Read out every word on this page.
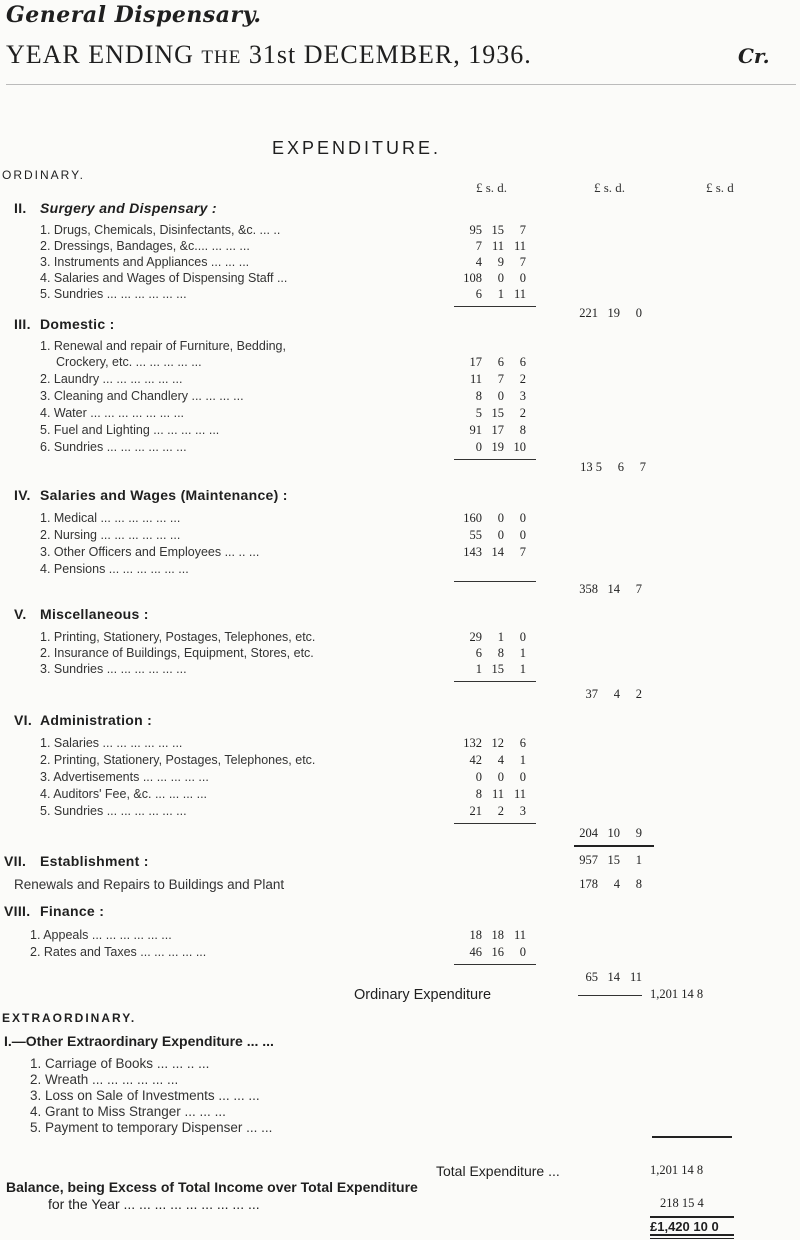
General Dispensary.
YEAR ENDING THE 31st DECEMBER, 1936.	Cr.
EXPENDITURE.
ORDINARY.
£ s. d.	£ s. d.	£ s. d
II. Surgery and Dispensary :
1. Drugs, Chemicals, Disinfectants, &c. ... ..	95 15 7
2. Dressings, Bandages, &c.... ... ... ...	7 11 11
3. Instruments and Appliances ... ... ...	4 9 7
4. Salaries and Wages of Dispensing Staff ...	108 0 0
5. Sundries ... ... ... ... ... ...	6 1 11
221 19 0
III. Domestic :
1. Renewal and repair of Furniture, Bedding,
Crockery, etc. ... ... ... ... ...	17 6 6
2. Laundry ... ... ... ... ... ...	11 7 2
3. Cleaning and Chandlery ... ... ... ...	8 0 3
4. Water ... ... ... ... ... ... ...	5 15 2
5. Fuel and Lighting ... ... ... ... ...	91 17 8
6. Sundries ... ... ... ... ... ...	0 19 10
13 5 6 7
IV. Salaries and Wages (Maintenance) :
1. Medical ... ... ... ... ... ...	160 0 0
2. Nursing ... ... ... ... ... ...	55 0 0
3. Other Officers and Employees ... .. ...	143 14 7
4. Pensions ... ... ... ... ... ...
358 14 7
V. Miscellaneous :
1. Printing, Stationery, Postages, Telephones, etc.	29 1 0
2. Insurance of Buildings, Equipment, Stores, etc.	6 8 1
3. Sundries ... ... ... ... ... ...	1 15 1
37 4 2
VI. Administration :
1. Salaries ... ... ... ... ... ...	132 12 6
2. Printing, Stationery, Postages, Telephones, etc.	42 4 1
3. Advertisements ... ... ... ... ...	0 0 0
4. Auditors' Fee, &c. ... ... ... ...	8 11 11
5. Sundries ... ... ... ... ... ...	21 2 3
204 10 9
VII. Establishment :	957 15 1
Renewals and Repairs to Buildings and Plant	178 4 8
VIII. Finance :
1. Appeals ... ... ... ... ... ...	18 18 11
2. Rates and Taxes ... ... ... ... ...	46 16 0
65 14 11
Ordinary Expenditure	1,201 14 8
EXTRAORDINARY.
I.—Other Extraordinary Expenditure ... ...
1. Carriage of Books ... ... .. ...
2. Wreath ... ... ... ... ... ...
3. Loss on Sale of Investments ... ... ...
4. Grant to Miss Stranger ... ... ...
5. Payment to temporary Dispenser ... ...
Total Expenditure ...	1,201 14 8
Balance, being Excess of Total Income over Total Expenditure
for the Year ... ... ... ... ... ... ... ... ...	218 15 4
£1,420 10 0
